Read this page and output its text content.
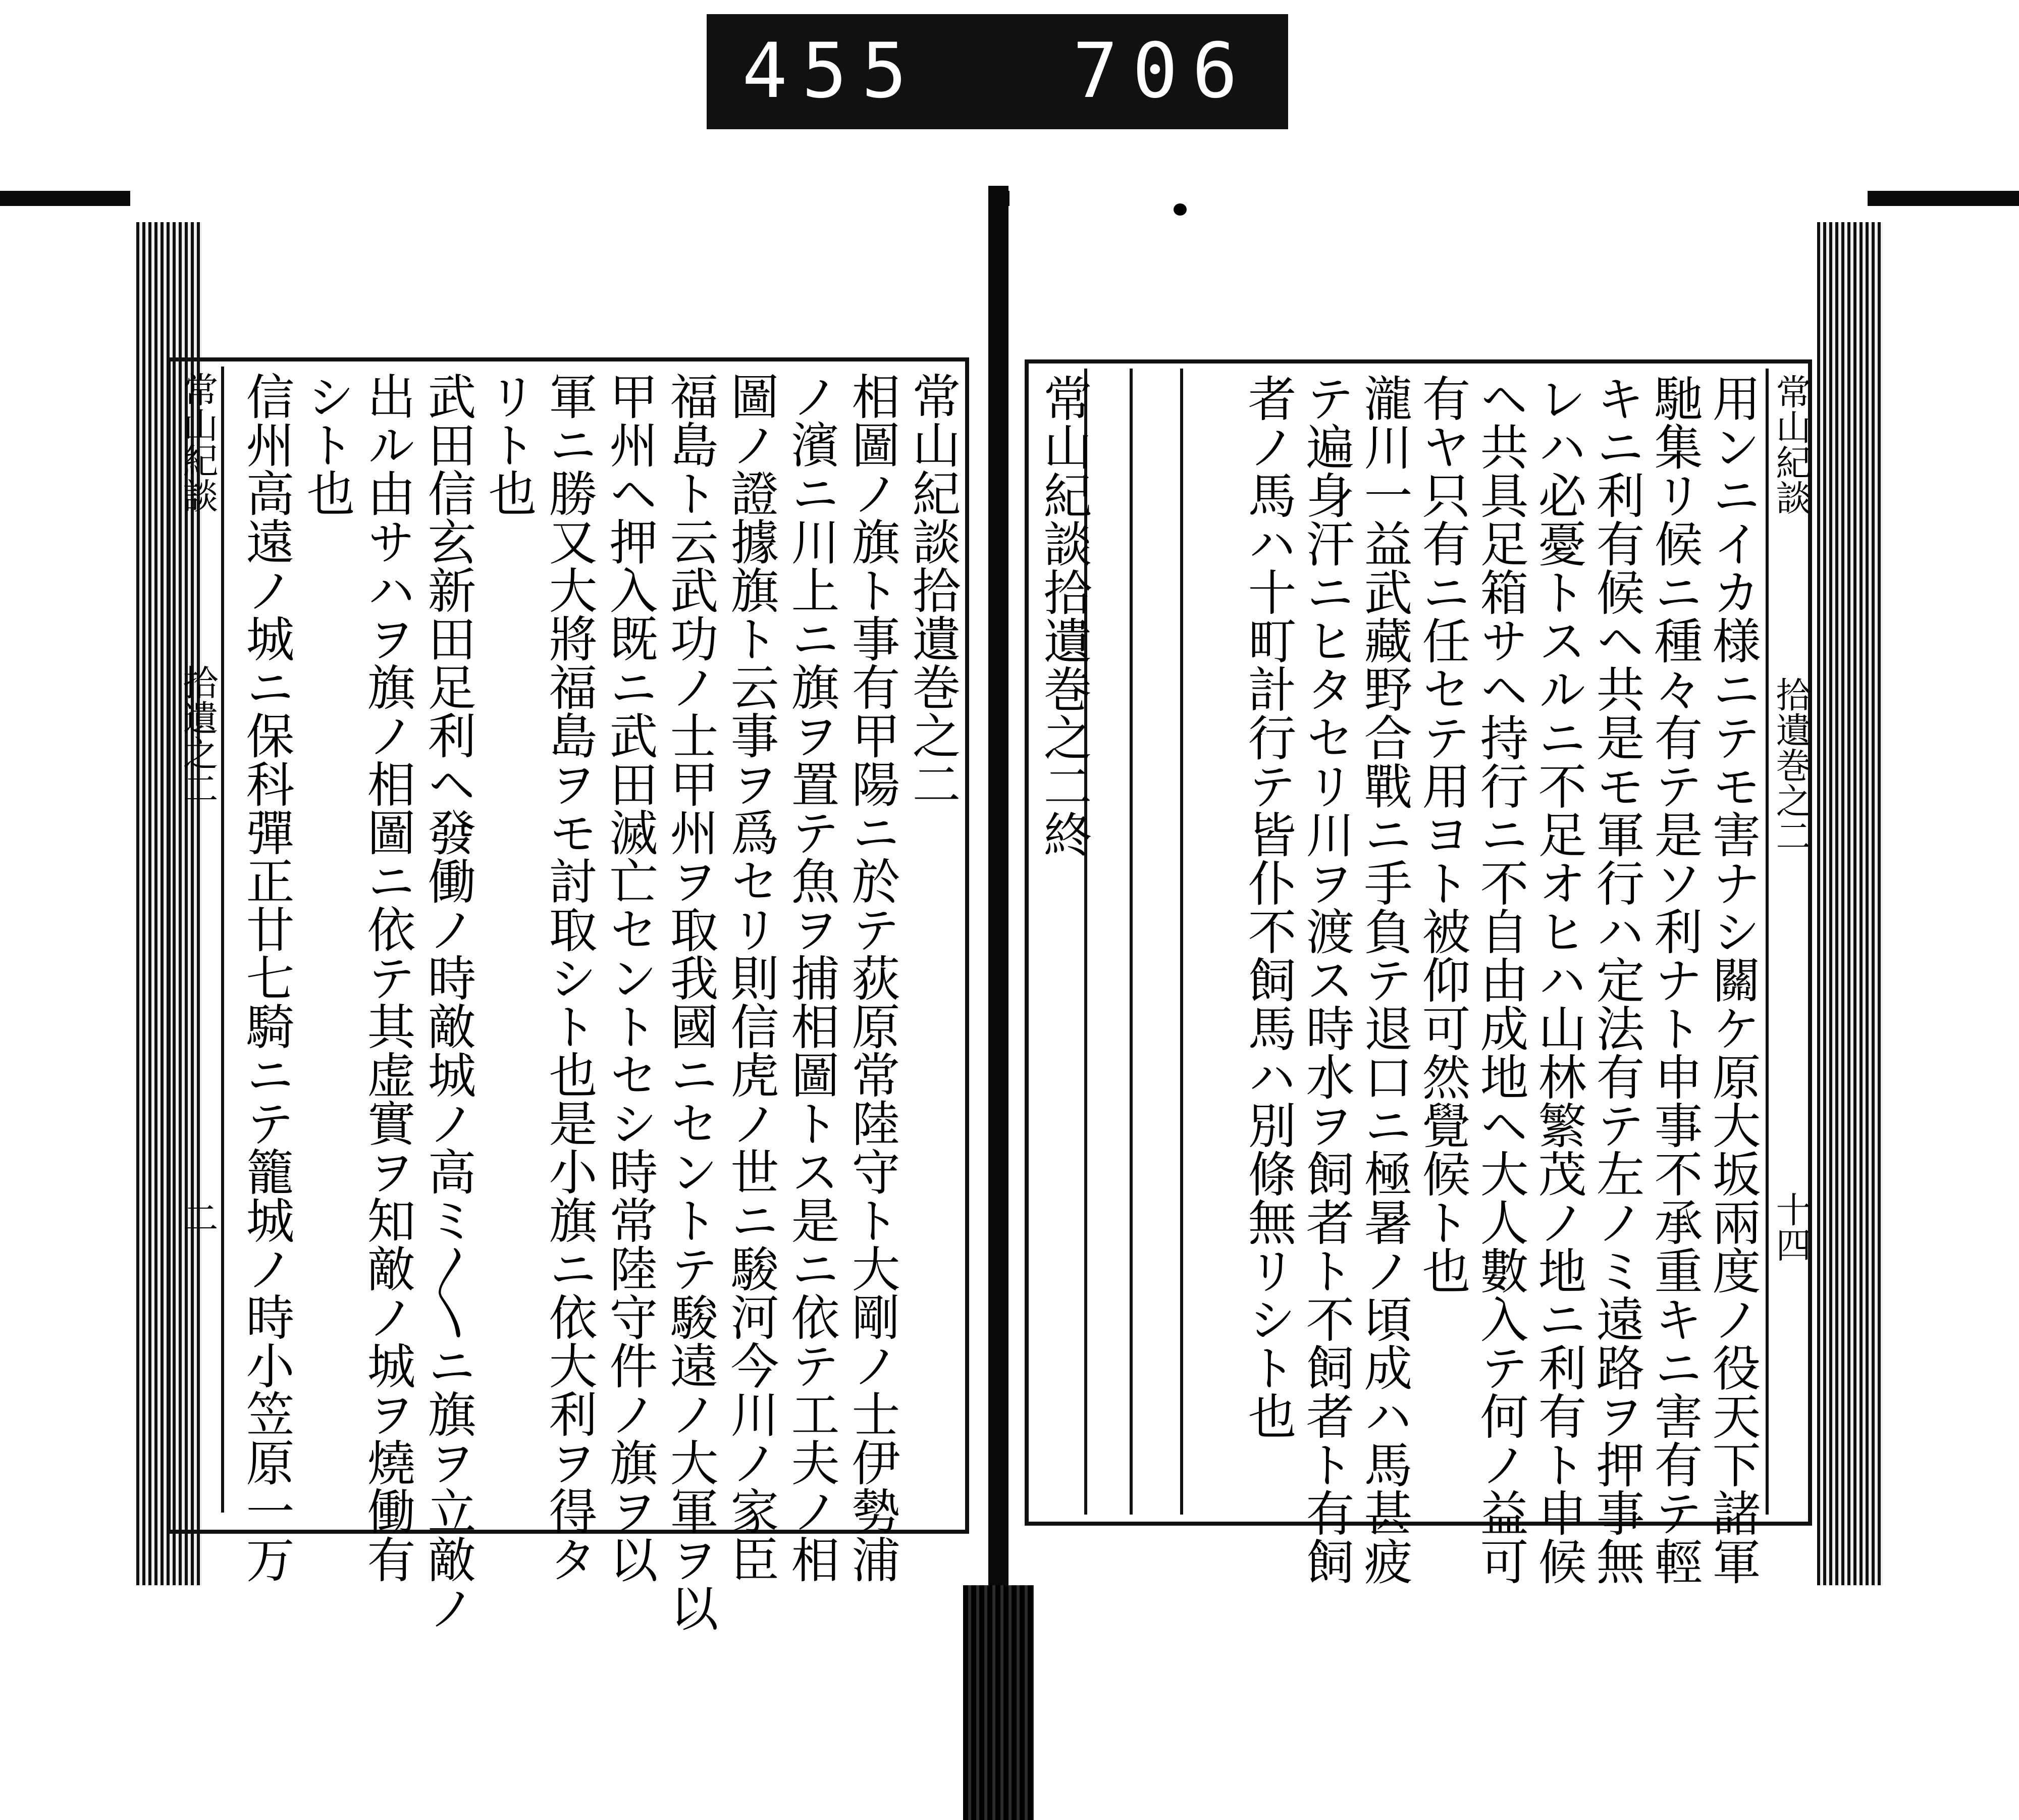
455 706
常山紀談
拾遺之二
二
常山紀談拾遺巻之二
相圖ノ旗ト事有甲陽ニ於テ荻原常陸守ト大剛ノ士伊勢浦
ノ濱ニ川上ニ旗ヲ置テ魚ヲ捕相圖トス是ニ依テ工夫ノ相
圖ノ證據旗ト云事ヲ爲セリ則信虎ノ世ニ駿河今川ノ家臣
福島ト云武功ノ士甲州ヲ取我國ニセントテ駿遠ノ大軍ヲ以
甲州ヘ押入既ニ武田滅亡セントセシ時常陸守件ノ旗ヲ以
軍ニ勝又大將福島ヲモ討取シト也是小旗ニ依大利ヲ得タ
リト也
武田信玄新田足利ヘ發働ノ時敵城ノ高ミ〳〵ニ旗ヲ立敵ノ
出ル由サハヲ旗ノ相圖ニ依テ其虚實ヲ知敵ノ城ヲ燒働有
シト也
信州高遠ノ城ニ保科彈正廿七騎ニテ籠城ノ時小笠原一万	常山紀談
拾遺巻之二
十四
用ンニイカ様ニテモ害ナシ關ケ原大坂兩度ノ役天下諸軍
馳集リ候ニ種々有テ是ソ利ナト申事不承重キニ害有テ輕
キニ利有候ヘ共是モ軍行ハ定法有テ左ノミ遠路ヲ押事無
レハ必憂トスルニ不足オヒハ山林繁茂ノ地ニ利有ト申候
ヘ共具足箱サヘ持行ニ不自由成地ヘ大人數入テ何ノ益可
有ヤ只有ニ任セテ用ヨト被仰可然覺候ト也
瀧川一益武藏野合戰ニ手負テ退口ニ極暑ノ頃成ハ馬甚疲
テ遍身汗ニヒタセリ川ヲ渡ス時水ヲ飼者ト不飼者ト有飼
者ノ馬ハ十町計行テ皆仆不飼馬ハ別條無リシト也
常山紀談拾遺巻之二終
